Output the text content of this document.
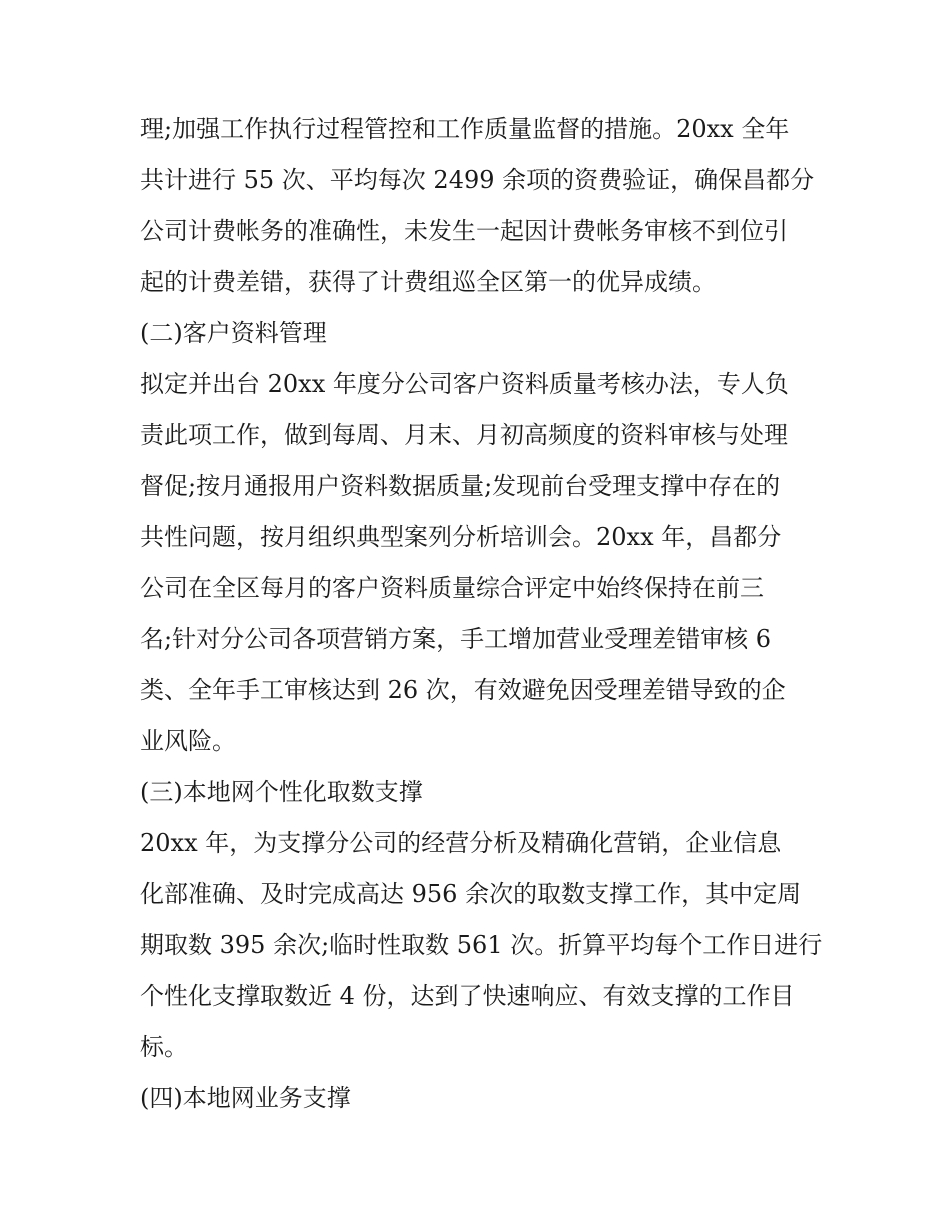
理;加强工作执行过程管控和工作质量监督的措施。20xx 全年

共计进行 55 次、平均每次 2499 余项的资费验证，确保昌都分

公司计费帐务的准确性，未发生一起因计费帐务审核不到位引

起的计费差错，获得了计费组巡全区第一的优异成绩。

(二)客户资料管理

拟定并出台 20xx 年度分公司客户资料质量考核办法，专人负

责此项工作，做到每周、月末、月初高频度的资料审核与处理

督促;按月通报用户资料数据质量;发现前台受理支撑中存在的

共性问题，按月组织典型案列分析培训会。20xx 年，昌都分

公司在全区每月的客户资料质量综合评定中始终保持在前三

名;针对分公司各项营销方案，手工增加营业受理差错审核 6

类、全年手工审核达到 26 次，有效避免因受理差错导致的企

业风险。

(三)本地网个性化取数支撑

20xx 年，为支撑分公司的经营分析及精确化营销，企业信息

化部准确、及时完成高达 956 余次的取数支撑工作，其中定周

期取数 395 余次;临时性取数 561 次。折算平均每个工作日进行

个性化支撑取数近 4 份，达到了快速响应、有效支撑的工作目

标。

(四)本地网业务支撑
